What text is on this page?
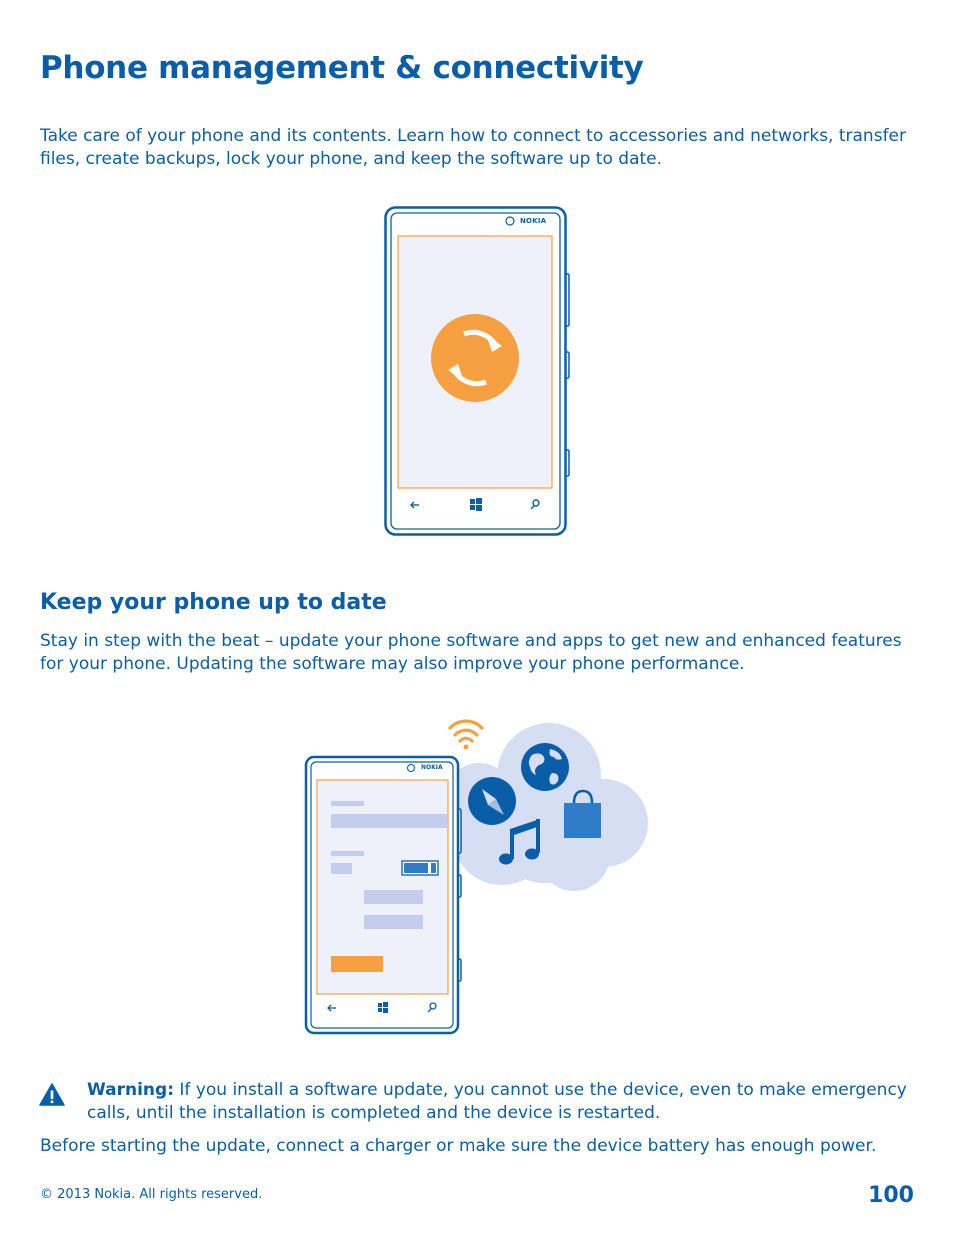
Phone management & connectivity

Take care of your phone and its contents. Learn how to connect to accessories and networks, transfer files, create backups, lock your phone, and keep the software up to date.

NOKIA
Keep your phone up to date

Stay in step with the beat – update your phone software and apps to get new and enhanced features for your phone. Updating the software may also improve your phone performance.

NOKIA

Warning: If you install a software update, you cannot use the device, even to make emergency calls, until the installation is completed and the device is restarted.

Before starting the update, connect a charger or make sure the device battery has enough power.

© 2013 Nokia. All rights reserved.	100
